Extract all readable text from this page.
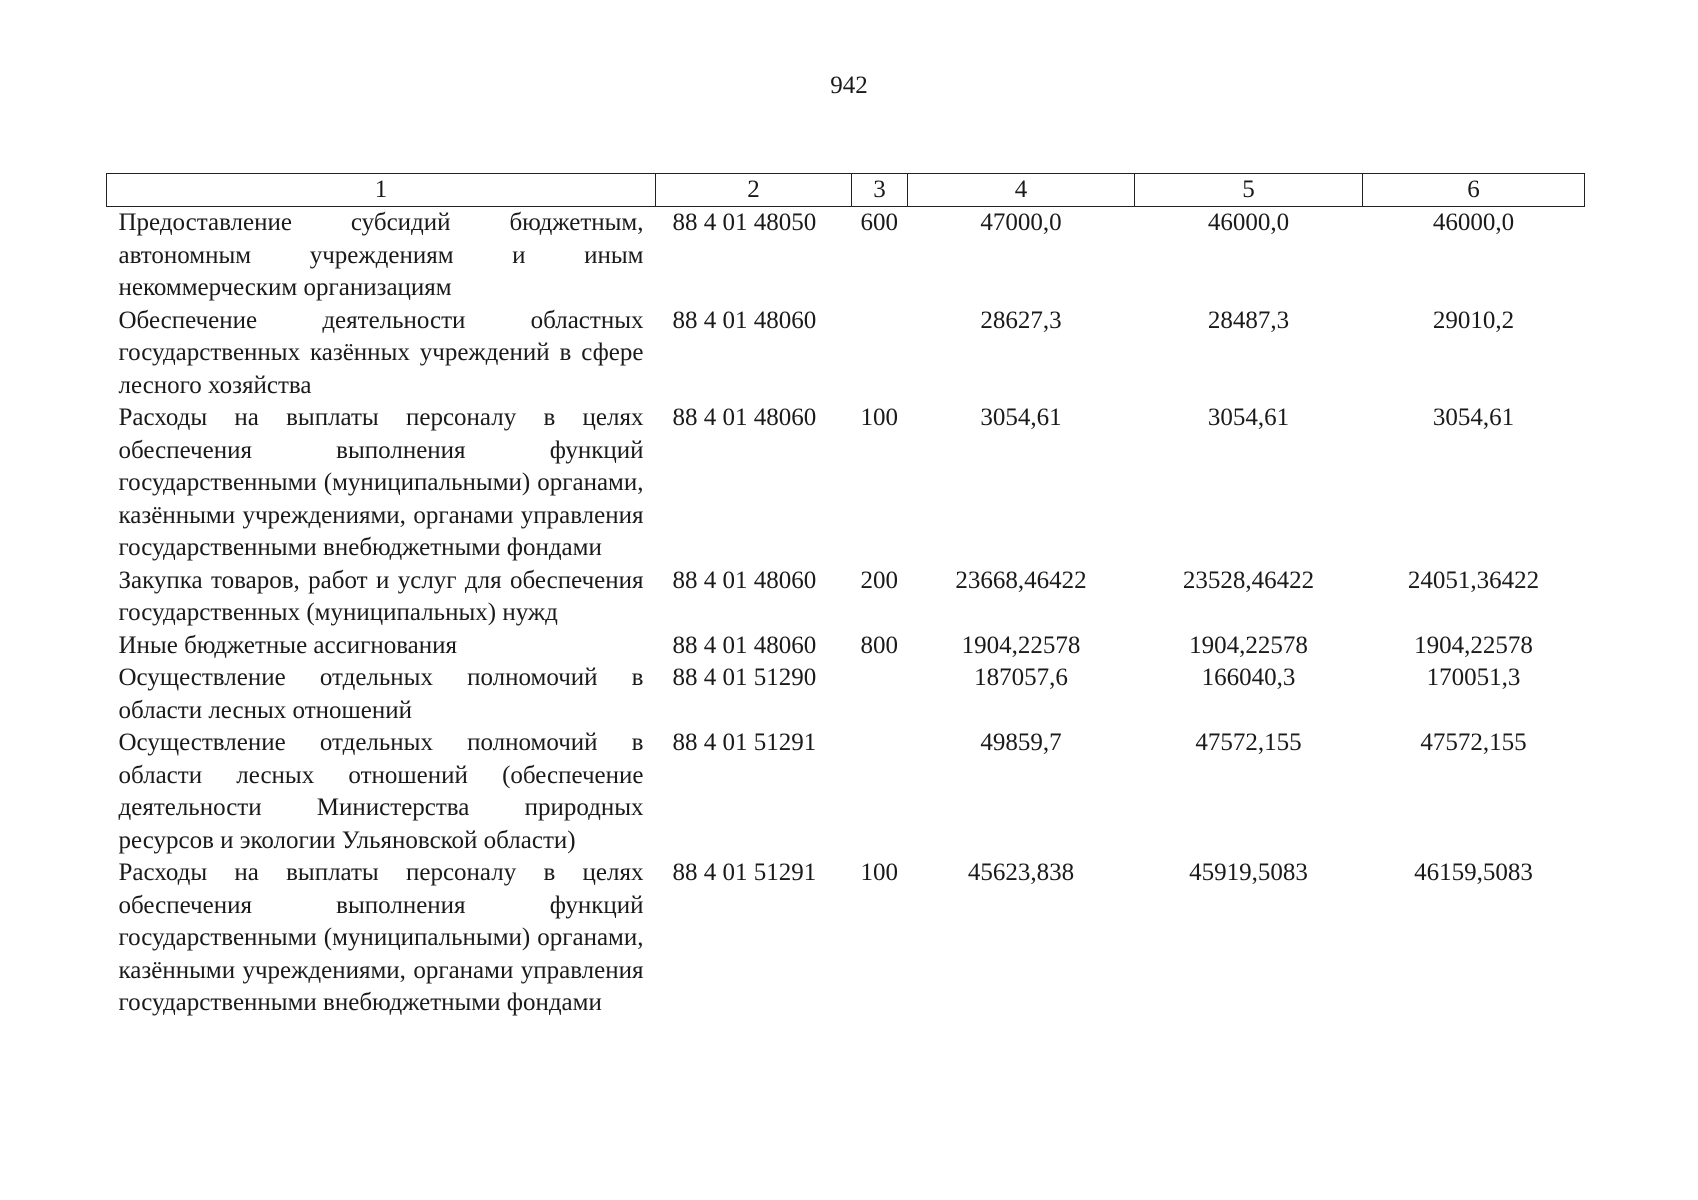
942
1	2	3	4	5	6
Предоставление субсидий бюджетным, автономным учреждениям и иным некоммерческим организациям	88 4 01 48050	600	47000,0	46000,0	46000,0
Обеспечение деятельности областных государственных казённых учреждений в сфере лесного хозяйства	88 4 01 48060		28627,3	28487,3	29010,2
Расходы на выплаты персоналу в целях обеспечения выполнения функций государственными (муниципальными) органами, казёнными учреждениями, органами управления государственными внебюджетными фондами	88 4 01 48060	100	3054,61	3054,61	3054,61
Закупка товаров, работ и услуг для обеспечения государственных (муниципальных) нужд	88 4 01 48060	200	23668,46422	23528,46422	24051,36422
Иные бюджетные ассигнования	88 4 01 48060	800	1904,22578	1904,22578	1904,22578
Осуществление отдельных полномочий в области лесных отношений	88 4 01 51290		187057,6	166040,3	170051,3
Осуществление отдельных полномочий в области лесных отношений (обеспечение деятельности Министерства природных ресурсов и экологии Ульяновской области)	88 4 01 51291		49859,7	47572,155	47572,155
Расходы на выплаты персоналу в целях обеспечения выполнения функций государственными (муниципальными) органами, казёнными учреждениями, органами управления государственными внебюджетными фондами	88 4 01 51291	100	45623,838	45919,5083	46159,5083
